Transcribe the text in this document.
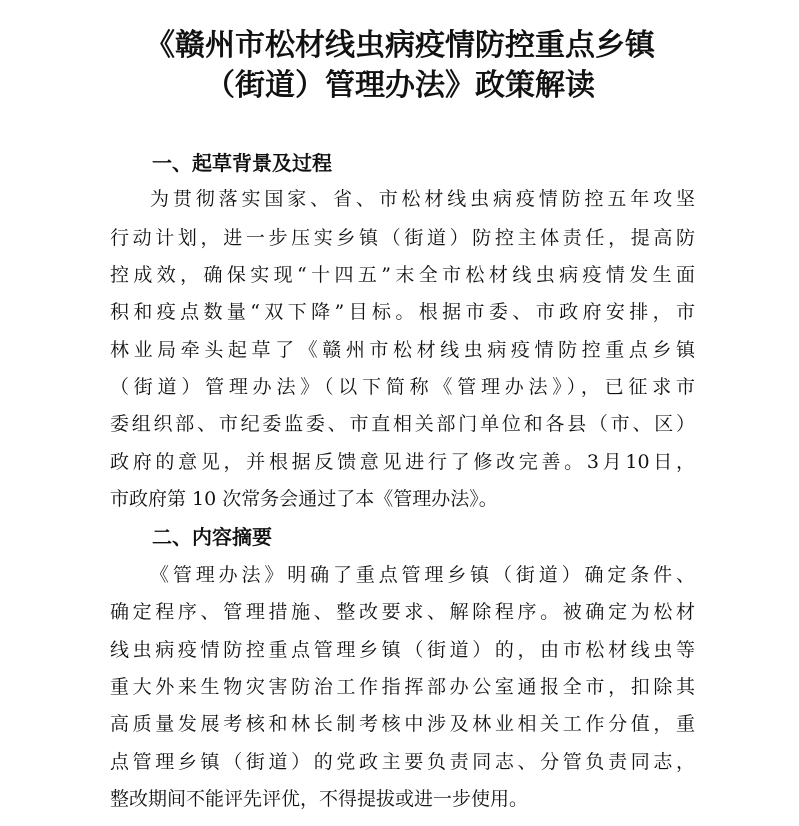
《赣州市松材线虫病疫情防控重点乡镇
（街道）管理办法》政策解读
一、起草背景及过程
为贯彻落实国家、省、市松材线虫病疫情防控五年攻坚
行动计划，进一步压实乡镇（街道）防控主体责任，提高防
控成效，确保实现“十四五”末全市松材线虫病疫情发生面
积和疫点数量“双下降”目标。根据市委、市政府安排，市
林业局牵头起草了《赣州市松材线虫病疫情防控重点乡镇
（街道）管理办法》（以下简称《管理办法》），已征求市
委组织部、市纪委监委、市直相关部门单位和各县（市、区）
政府的意见，并根据反馈意见进行了修改完善。3月10日，
市政府第 10 次常务会通过了本《管理办法》。
二、内容摘要
《管理办法》明确了重点管理乡镇（街道）确定条件、
确定程序、管理措施、整改要求、解除程序。被确定为松材
线虫病疫情防控重点管理乡镇（街道）的，由市松材线虫等
重大外来生物灾害防治工作指挥部办公室通报全市，扣除其
高质量发展考核和林长制考核中涉及林业相关工作分值，重
点管理乡镇（街道）的党政主要负责同志、分管负责同志，
整改期间不能评先评优，不得提拔或进一步使用。
